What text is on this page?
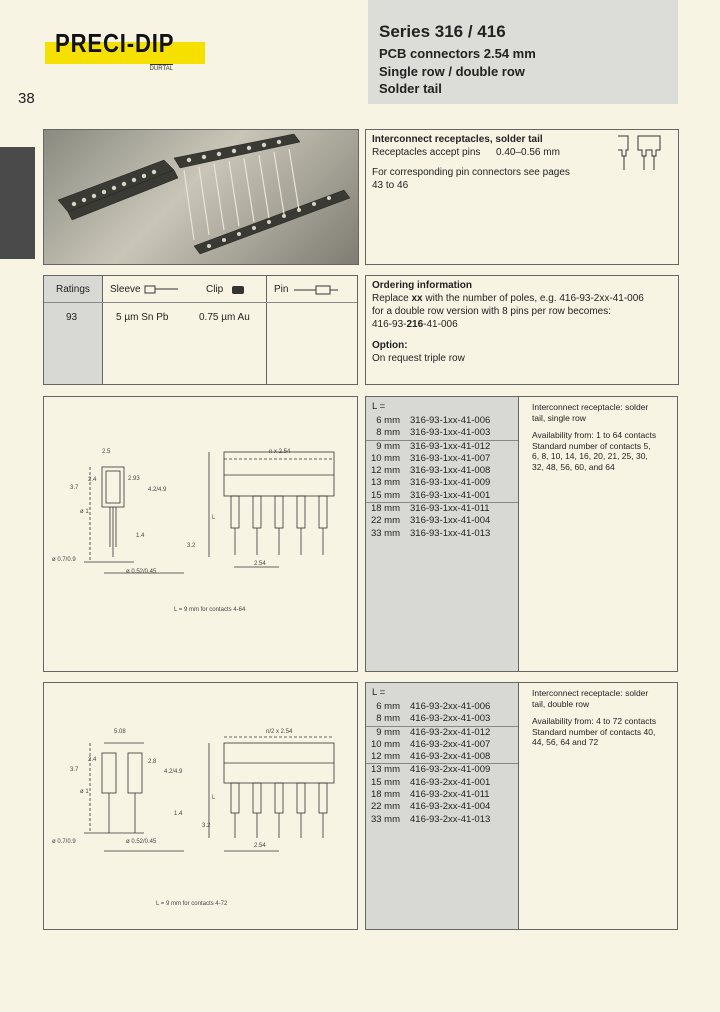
PRECI-DIP
DURTAL
38
Series 316 / 416
PCB connectors 2.54 mm
Single row / double row
Solder tail
Interconnect receptacles, solder tail
Receptacles accept pins 0.40–0.56 mm
For corresponding pin connectors see pages
43 to 46
Ratings Sleeve	Clip	Pin
93	5 µm Sn Pb	0.75 µm Au
Ordering information
Replace xx with the number of poles, e.g. 416-93-2xx-41-006
for a double row version with 8 pins per row becomes:
416-93-216-41-006
Option:
On request triple row
2.5
2.4
3.7
2.93
4.2/4.9
ø 1
1.4
3.2
ø 0.7/0.9
ø 0.52/0.45
n x 2.54
2.54
L
L = 9 mm for contacts 4-64
L =
6 mm 316-93-1xx-41-006
8 mm 316-93-1xx-41-003
9 mm 316-93-1xx-41-012
10 mm 316-93-1xx-41-007
12 mm 316-93-1xx-41-008
13 mm 316-93-1xx-41-009
15 mm 316-93-1xx-41-001
18 mm 316-93-1xx-41-011
22 mm 316-93-1xx-41-004
33 mm 316-93-1xx-41-013
Interconnect receptacle: solder
tail, single row
Availability from: 1 to 64 contacts
Standard number of contacts 5,
6, 8, 10, 14, 16, 20, 21, 25, 30,
32, 48, 56, 60, and 64
5.08
2.4
3.7
2.8
4.2/4.9
ø 1
1.4
3.2
ø 0.7/0.9	ø 0.52/0.45
n/2 x 2.54
2.54
L
L = 9 mm for contacts 4-72
L =
6 mm 416-93-2xx-41-006
8 mm 416-93-2xx-41-003
9 mm 416-93-2xx-41-012
10 mm 416-93-2xx-41-007
12 mm 416-93-2xx-41-008
13 mm 416-93-2xx-41-009
15 mm 416-93-2xx-41-001
18 mm 416-93-2xx-41-011
22 mm 416-93-2xx-41-004
33 mm 416-93-2xx-41-013
Interconnect receptacle: solder
tail, double row
Availability from: 4 to 72 contacts
Standard number of contacts 40,
44, 56, 64 and 72
